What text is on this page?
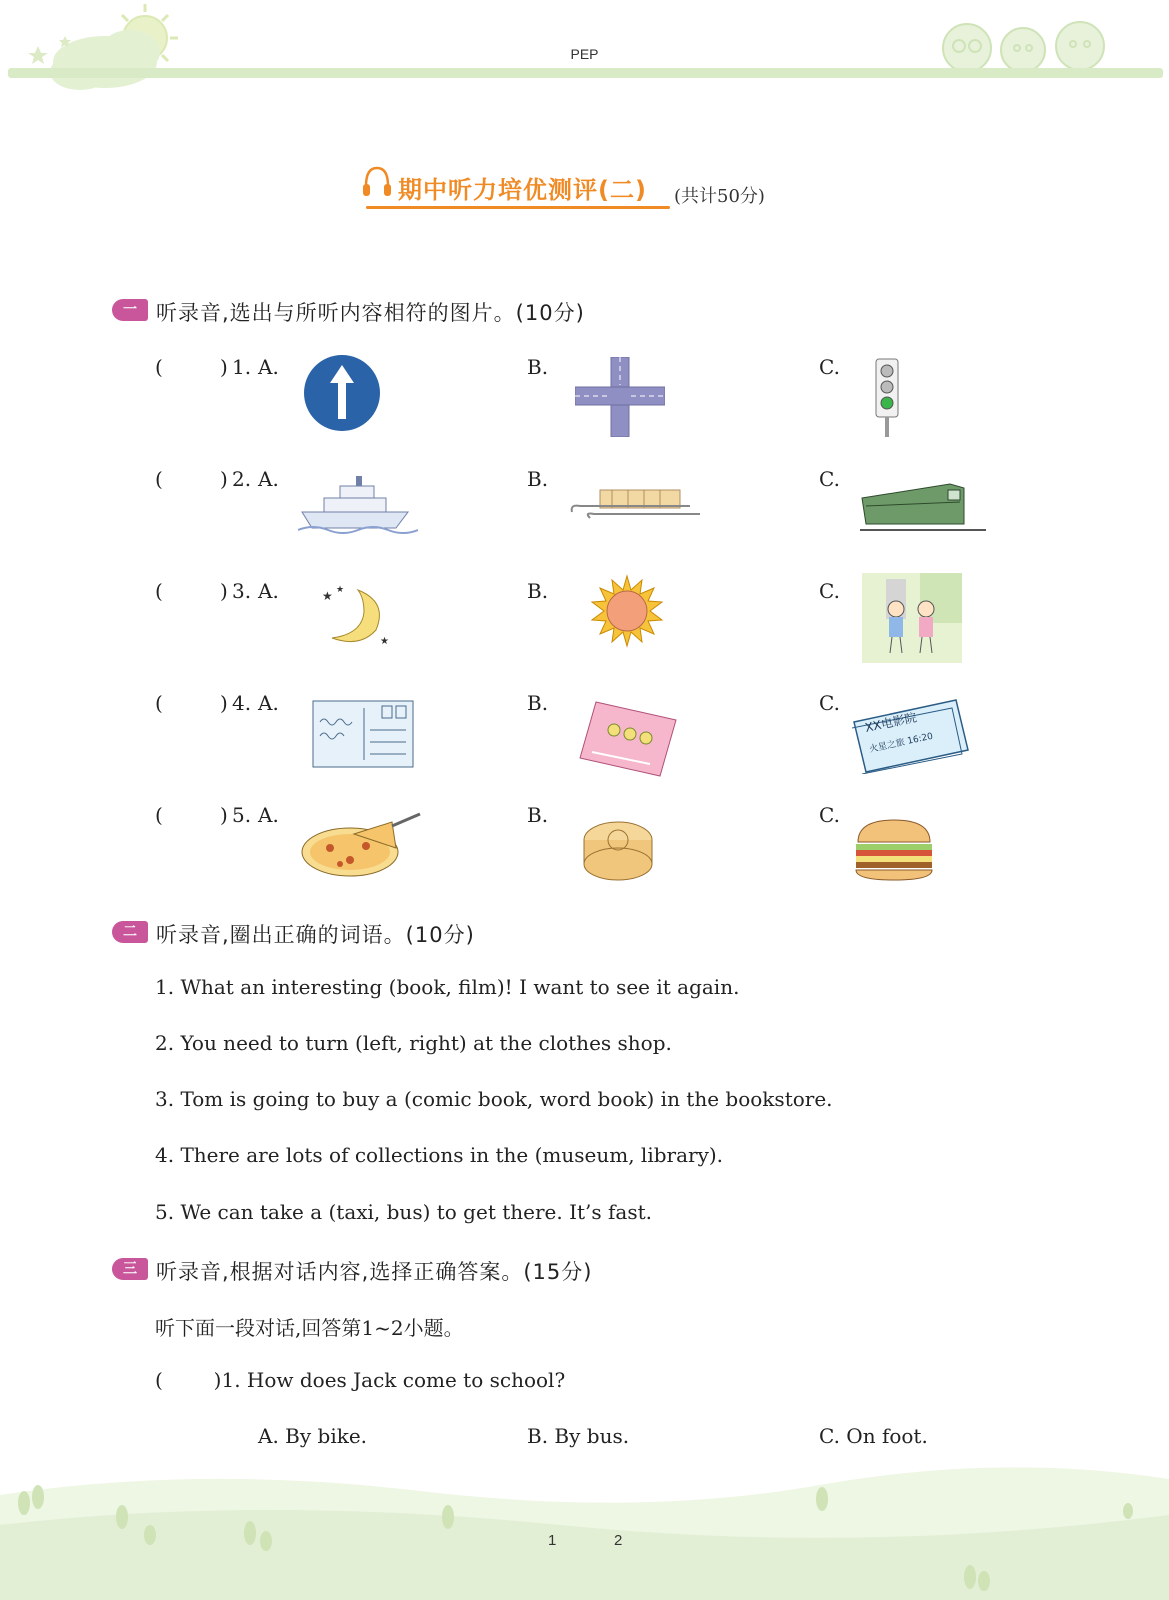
PEP
期中听力培优测评(二) (共计50分)
一 听录音,选出与所听内容相符的图片。(10分)
(	) 1. A.	B.	C.
(	) 2. A.	B.	C.
(	) 3. A.	B.	C.
★ ★
★
(	) 4. A.	B.	C.
XX电影院
火星之旅 16:20
(	) 5. A.	B.	C.
二 听录音,圈出正确的词语。(10分)
1. What an interesting (book, film)! I want to see it again.
2. You need to turn (left, right) at the clothes shop.
3. Tom is going to buy a (comic book, word book) in the bookstore.
4. There are lots of collections in the (museum, library).
5. We can take a (taxi, bus) to get there. It’s fast.
三 听录音,根据对话内容,选择正确答案。(15分)
听下面一段对话,回答第1~2小题。
(        )1. How does Jack come to school?
A. By bike.	B. By bus.	C. On foot.
1	2
